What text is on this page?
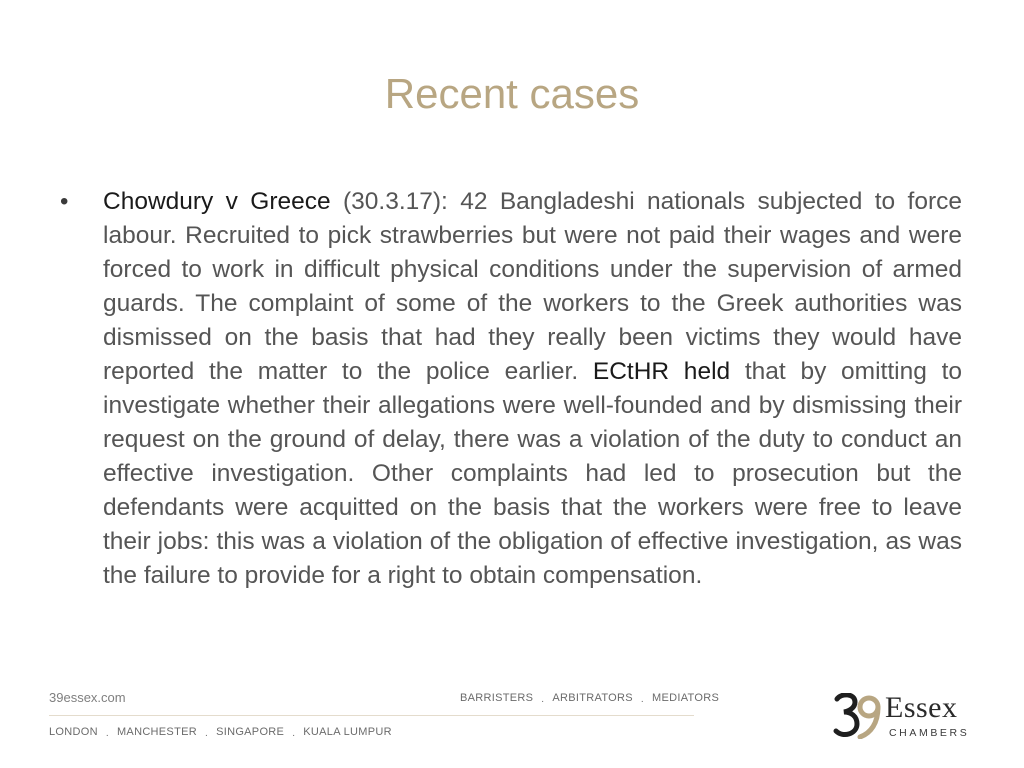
Recent cases
•	Chowdury v Greece (30.3.17): 42 Bangladeshi nationals subjected to force labour. Recruited to pick strawberries but were not paid their wages and were forced to work in difficult physical conditions under the supervision of armed guards. The complaint of some of the workers to the Greek authorities was dismissed on the basis that had they really been victims they would have reported the matter to the police earlier. ECtHR held that by omitting to investigate whether their allegations were well-founded and by dismissing their request on the ground of delay, there was a violation of the duty to conduct an effective investigation. Other complaints had led to prosecution but the defendants were acquitted on the basis that the workers were free to leave their jobs: this was a violation of the obligation of effective investigation, as was the failure to provide for a right to obtain compensation.
39essex.com	BARRISTERS . ARBITRATORS . MEDIATORS
LONDON . MANCHESTER . SINGAPORE . KUALA LUMPUR
Essex
CHAMBERS
